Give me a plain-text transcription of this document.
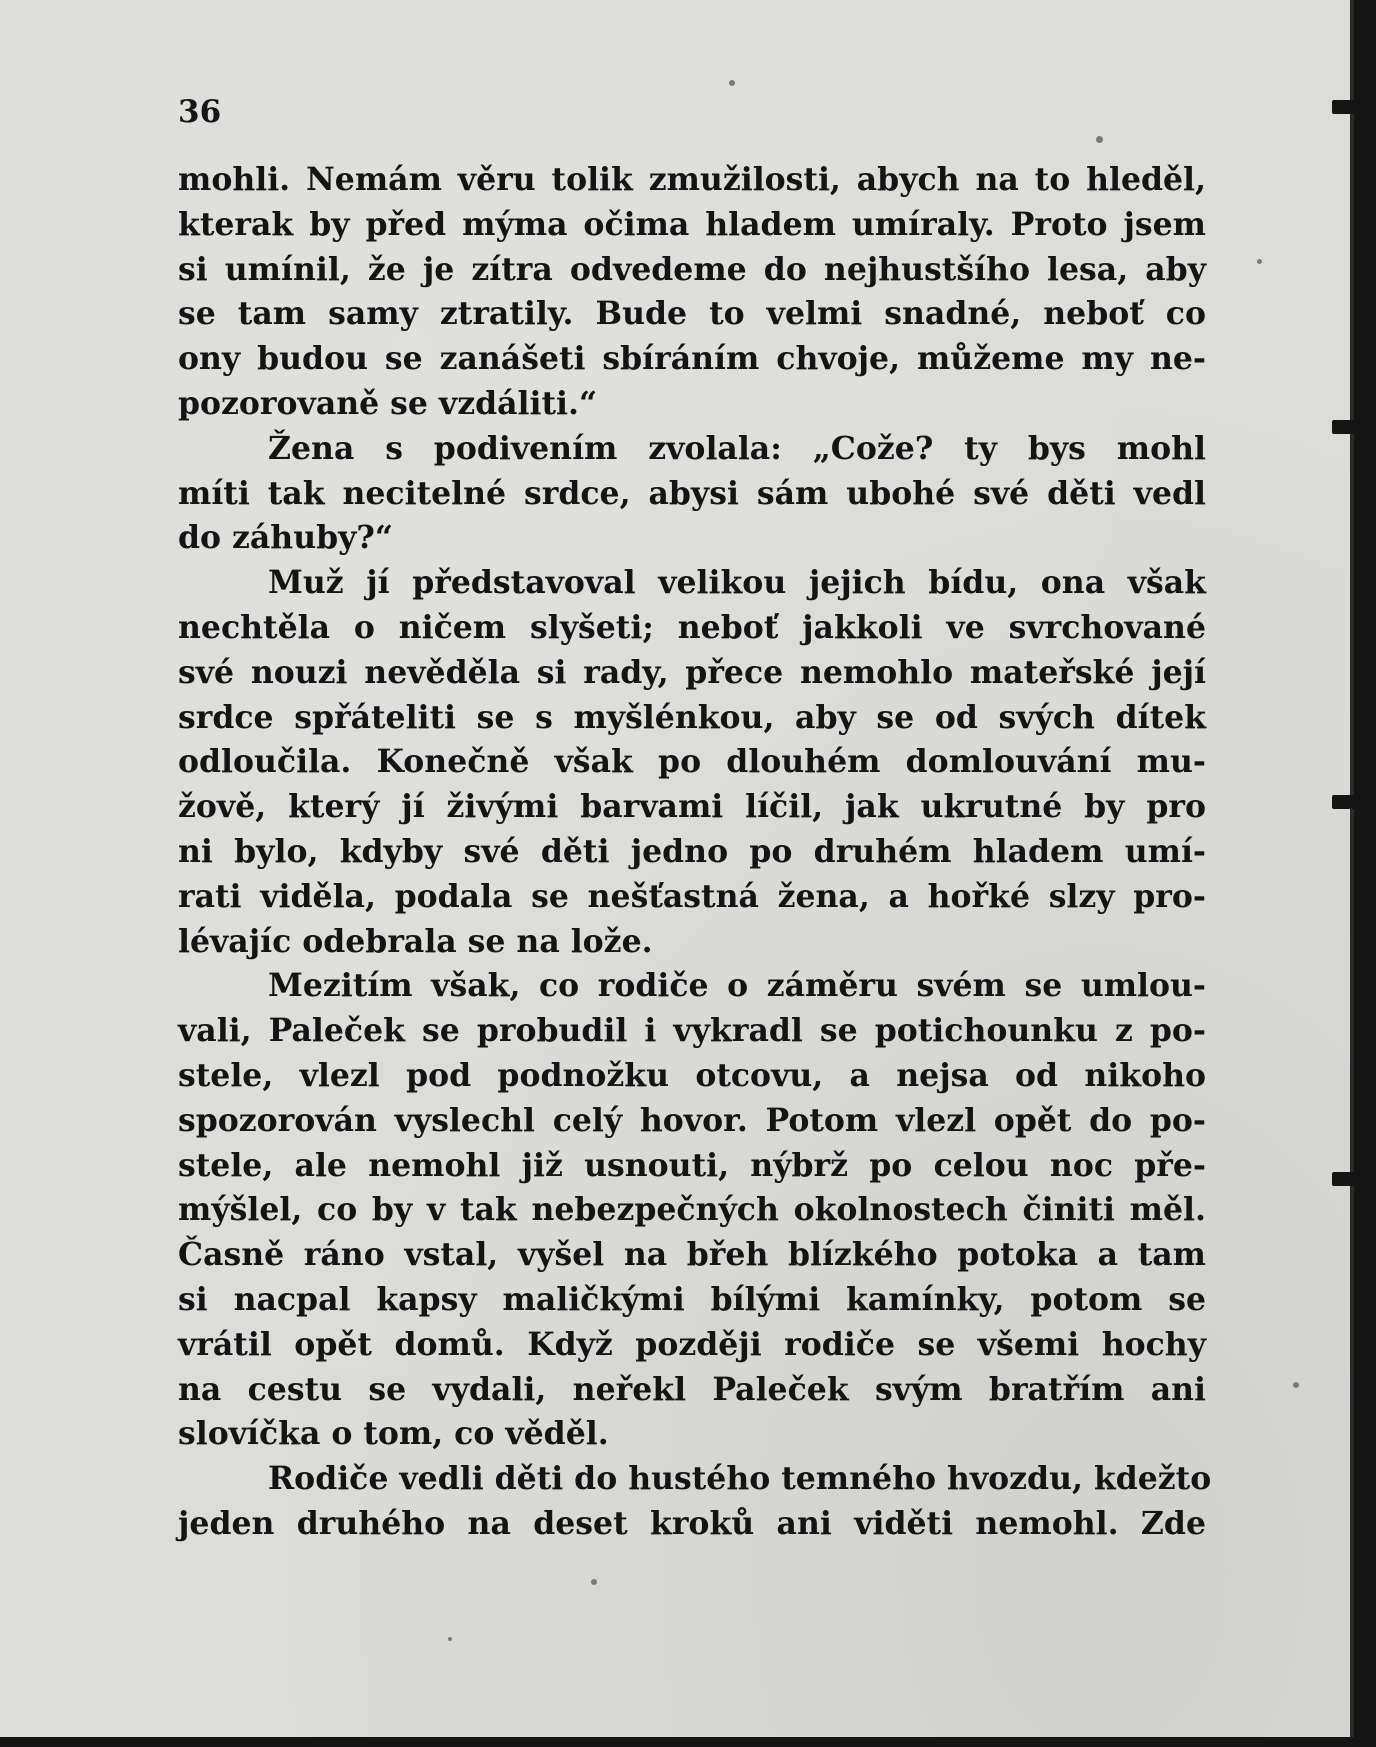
36

mohli. Nemám věru tolik zmužilosti, abych na to hleděl,
kterak by před mýma očima hladem umíraly. Proto jsem
si umínil, že je zítra odvedeme do nejhustšího lesa, aby
se tam samy ztratily. Bude to velmi snadné, neboť co
ony budou se zanášeti sbíráním chvoje, můžeme my ne-
pozorovaně se vzdáliti.“
Žena s podivením zvolala: „Cože? ty bys mohl
míti tak necitelné srdce, abysi sám ubohé své děti vedl
do záhuby?“
Muž jí představoval velikou jejich bídu, ona však
nechtěla o ničem slyšeti; neboť jakkoli ve svrchované
své nouzi nevěděla si rady, přece nemohlo mateřské její
srdce spřáteliti se s myšlénkou, aby se od svých dítek
odloučila. Konečně však po dlouhém domlouvání mu-
žově, který jí živými barvami líčil, jak ukrutné by pro
ni bylo, kdyby své děti jedno po druhém hladem umí-
rati viděla, podala se nešťastná žena, a hořké slzy pro-
lévajíc odebrala se na lože.
Mezitím však, co rodiče o záměru svém se umlou-
vali, Paleček se probudil i vykradl se potichounku z po-
stele, vlezl pod podnožku otcovu, a nejsa od nikoho
spozorován vyslechl celý hovor. Potom vlezl opět do po-
stele, ale nemohl již usnouti, nýbrž po celou noc pře-
mýšlel, co by v tak nebezpečných okolnostech činiti měl.
Časně ráno vstal, vyšel na břeh blízkého potoka a tam
si nacpal kapsy maličkými bílými kamínky, potom se
vrátil opět domů. Když později rodiče se všemi hochy
na cestu se vydali, neřekl Paleček svým bratřím ani
slovíčka o tom, co věděl.
Rodiče vedli děti do hustého temného hvozdu, kdežto
jeden druhého na deset kroků ani viděti nemohl. Zde
